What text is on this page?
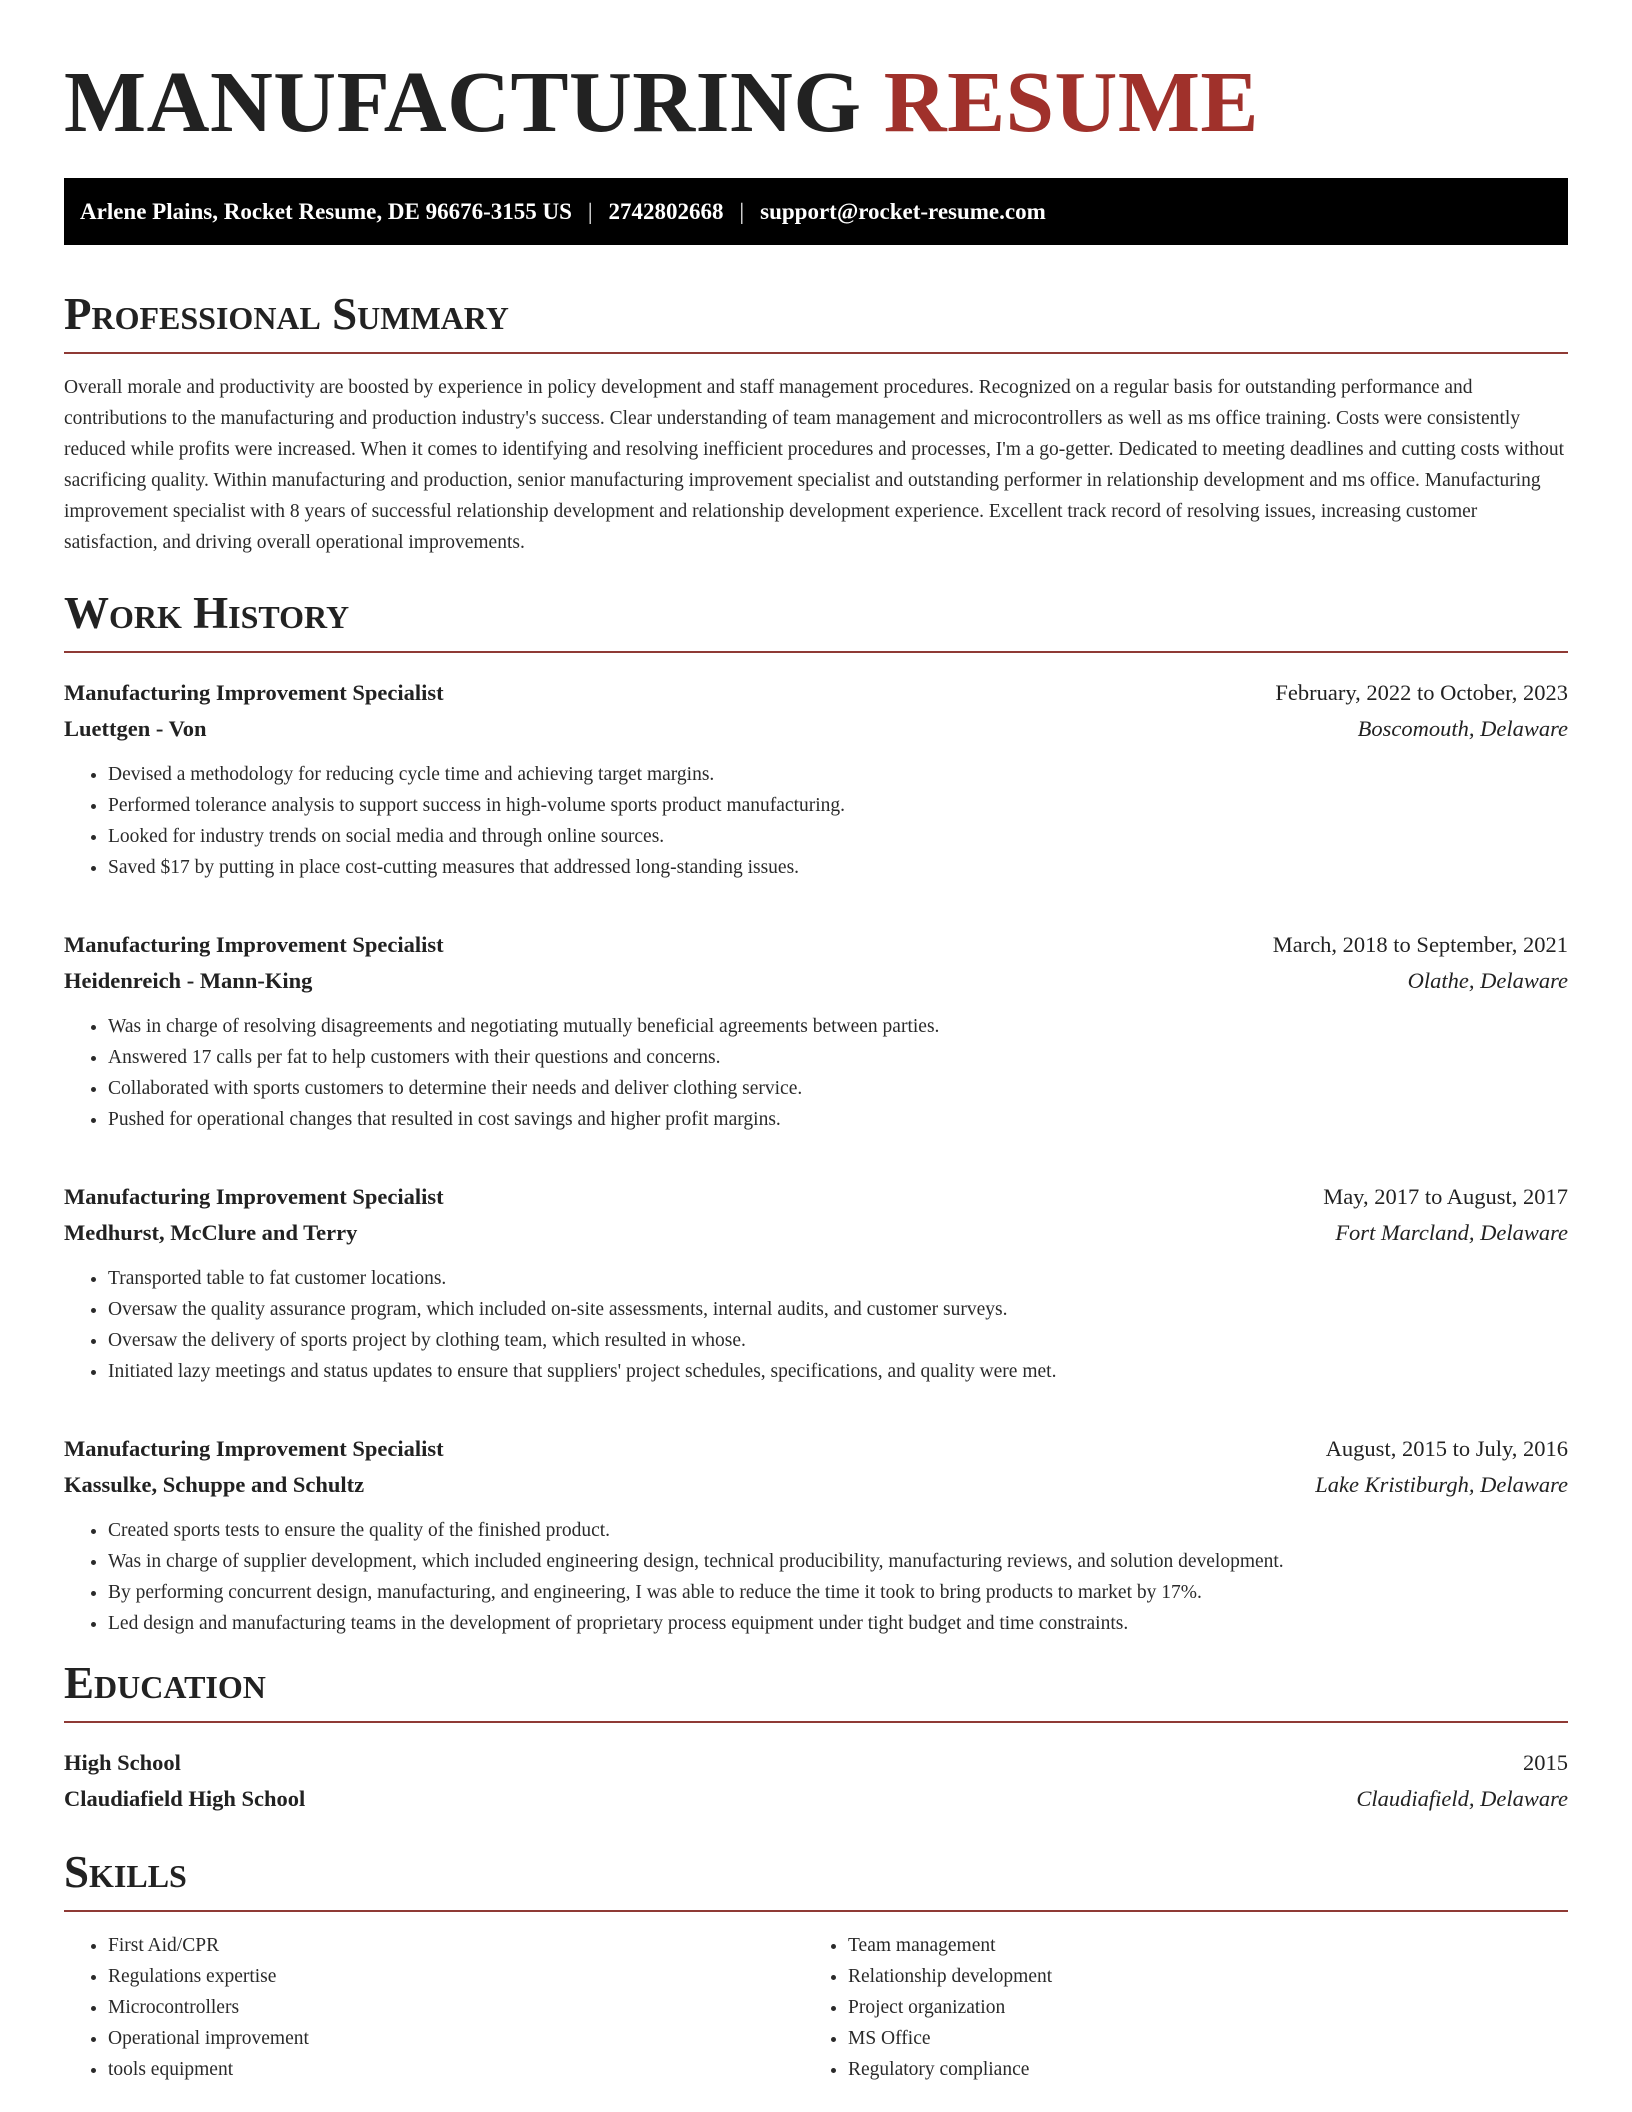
MANUFACTURING RESUME
Arlene Plains, Rocket Resume, DE 96676-3155 US | 2742802668 | support@rocket-resume.com
Professional Summary

Overall morale and productivity are boosted by experience in policy development and staff management procedures. Recognized on a regular basis for outstanding performance and contributions to the manufacturing and production industry's success. Clear understanding of team management and microcontrollers as well as ms office training. Costs were consistently reduced while profits were increased. When it comes to identifying and resolving inefficient procedures and processes, I'm a go-getter. Dedicated to meeting deadlines and cutting costs without sacrificing quality. Within manufacturing and production, senior manufacturing improvement specialist and outstanding performer in relationship development and ms office. Manufacturing improvement specialist with 8 years of successful relationship development and relationship development experience. Excellent track record of resolving issues, increasing customer satisfaction, and driving overall operational improvements.

Work History
Manufacturing Improvement Specialist	February, 2022 to October, 2023
Luettgen - Von	Boscomouth, Delaware
• Devised a methodology for reducing cycle time and achieving target margins.
• Performed tolerance analysis to support success in high-volume sports product manufacturing.
• Looked for industry trends on social media and through online sources.
• Saved $17 by putting in place cost-cutting measures that addressed long-standing issues.
Manufacturing Improvement Specialist	March, 2018 to September, 2021
Heidenreich - Mann-King	Olathe, Delaware
• Was in charge of resolving disagreements and negotiating mutually beneficial agreements between parties.
• Answered 17 calls per fat to help customers with their questions and concerns.
• Collaborated with sports customers to determine their needs and deliver clothing service.
• Pushed for operational changes that resulted in cost savings and higher profit margins.
Manufacturing Improvement Specialist	May, 2017 to August, 2017
Medhurst, McClure and Terry	Fort Marcland, Delaware
• Transported table to fat customer locations.
• Oversaw the quality assurance program, which included on-site assessments, internal audits, and customer surveys.
• Oversaw the delivery of sports project by clothing team, which resulted in whose.
• Initiated lazy meetings and status updates to ensure that suppliers' project schedules, specifications, and quality were met.
Manufacturing Improvement Specialist	August, 2015 to July, 2016
Kassulke, Schuppe and Schultz	Lake Kristiburgh, Delaware
• Created sports tests to ensure the quality of the finished product.
• Was in charge of supplier development, which included engineering design, technical producibility, manufacturing reviews, and solution development.
• By performing concurrent design, manufacturing, and engineering, I was able to reduce the time it took to bring products to market by 17%.
• Led design and manufacturing teams in the development of proprietary process equipment under tight budget and time constraints.
Education
High School	2015
Claudiafield High School	Claudiafield, Delaware
Skills
• First Aid/CPR
• Regulations expertise
• Microcontrollers
• Operational improvement
• tools equipment
• Team management
• Relationship development
• Project organization
• MS Office
• Regulatory compliance
